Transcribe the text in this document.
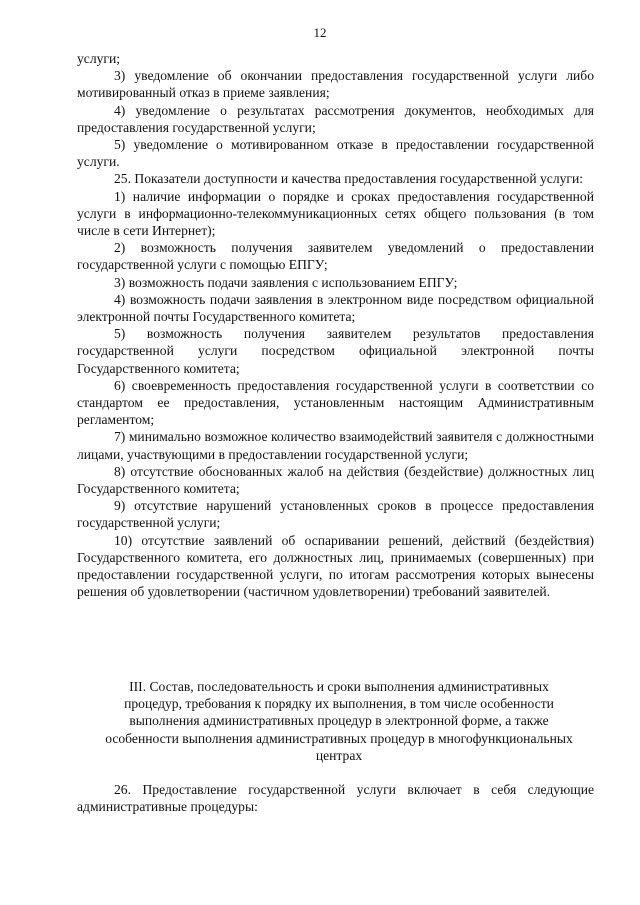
12

услуги;

3) уведомление об окончании предоставления государственной услуги либо мотивированный отказ в приеме заявления;

4) уведомление о результатах рассмотрения документов, необходимых для предоставления государственной услуги;

5) уведомление о мотивированном отказе в предоставлении государственной услуги.

25. Показатели доступности и качества предоставления государственной услуги:

1) наличие информации о порядке и сроках предоставления государственной услуги в информационно-телекоммуникационных сетях общего пользования (в том числе в сети Интернет);

2) возможность получения заявителем уведомлений о предоставлении государственной услуги с помощью ЕПГУ;

3) возможность подачи заявления с использованием ЕПГУ;

4) возможность подачи заявления в электронном виде посредством официальной электронной почты Государственного комитета;

5) возможность получения заявителем результатов предоставления государственной услуги посредством официальной электронной почты Государственного комитета;

6) своевременность предоставления государственной услуги в соответствии со стандартом ее предоставления, установленным настоящим Административным регламентом;

7) минимально возможное количество взаимодействий заявителя с должностными лицами, участвующими в предоставлении государственной услуги;

8) отсутствие обоснованных жалоб на действия (бездействие) должностных лиц Государственного комитета;

9) отсутствие нарушений установленных сроков в процессе предоставления государственной услуги;

10) отсутствие заявлений об оспаривании решений, действий (бездействия) Государственного комитета, его должностных лиц, принимаемых (совершенных) при предоставлении государственной услуги, по итогам рассмотрения которых вынесены решения об удовлетворении (частичном удовлетворении) требований заявителей.

III. Состав, последовательность и сроки выполнения административных процедур, требования к порядку их выполнения, в том числе особенности выполнения административных процедур в электронной форме, а также особенности выполнения административных процедур в многофункциональных центрах

26. Предоставление государственной услуги включает в себя следующие административные процедуры:
